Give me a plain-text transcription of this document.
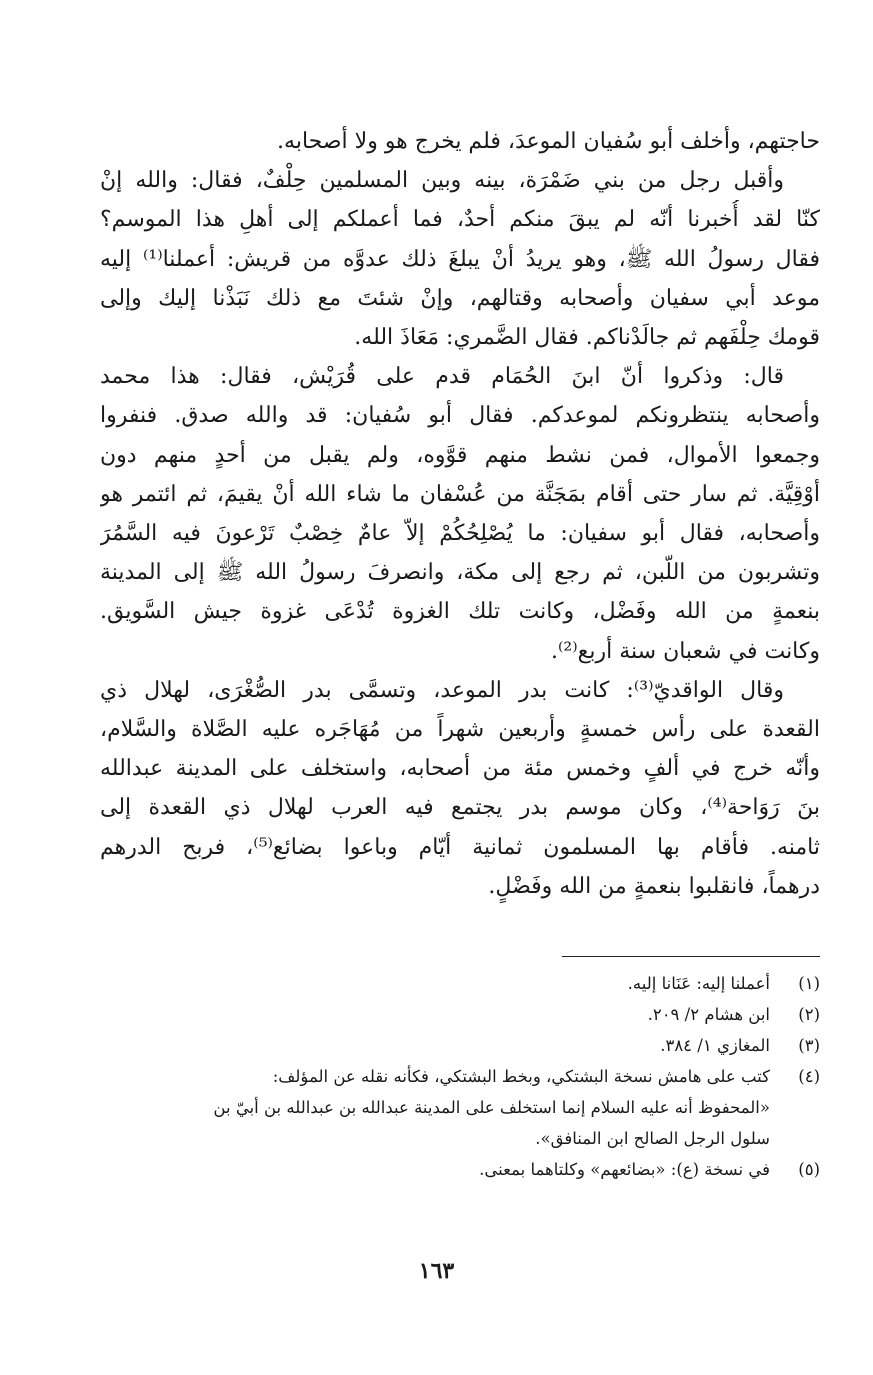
حاجتهم، وأخلف أبو سُفيان الموعدَ، فلم يخرج هو ولا أصحابه.

وأقبل رجل من بني ضَمْرَة، بينه وبين المسلمين حِلْفٌ، فقال: والله إنْ
كنّا لقد أُخبرنا أنّه لم يبقَ منكم أحدٌ، فما أعملكم إلى أهلِ هذا الموسم؟
فقال رسولُ الله ﷺ، وهو يريدُ أنْ يبلغَ ذلك عدوَّه من قريش: أعملنا⁽¹⁾ إليه
موعد أبي سفيان وأصحابه وقتالهم، وإنْ شئتَ مع ذلك نَبَذْنا إليك وإلى
قومك حِلْفَهم ثم جالَدْناكم. فقال الضَّمري: مَعَاذَ الله.

قال: وذكروا أنّ ابنَ الحُمَام قدم على قُرَيْش، فقال: هذا محمد
وأصحابه ينتظرونكم لموعدكم. فقال أبو سُفيان: قد والله صدق. فنفروا
وجمعوا الأموال، فمن نشط منهم قوَّوه، ولم يقبل من أحدٍ منهم دون
أوْقِيَّة. ثم سار حتى أقام بمَجَنَّة من عُسْفان ما شاء الله أنْ يقيمَ، ثم ائتمر هو
وأصحابه، فقال أبو سفيان: ما يُصْلِحُكُمْ إلاّ عامٌ خِصْبٌ تَرْعونَ فيه السَّمُرَ
وتشربون من اللّبن، ثم رجع إلى مكة، وانصرفَ رسولُ الله ﷺ إلى المدينة
بنعمةٍ من الله وفَضْل، وكانت تلك الغزوة تُدْعَى غزوة جيش السَّويق.
وكانت في شعبان سنة أربع⁽²⁾.

وقال الواقديّ⁽³⁾: كانت بدر الموعد، وتسمَّى بدر الصُّغْرَى، لهلال ذي
القعدة على رأس خمسةٍ وأربعين شهراً من مُهَاجَره عليه الصَّلاة والسَّلام،
وأنّه خرج في ألفٍ وخمس مئة من أصحابه، واستخلف على المدينة عبدالله
بنَ رَوَاحة⁽⁴⁾، وكان موسم بدر يجتمع فيه العرب لهلال ذي القعدة إلى
ثامنه. فأقام بها المسلمون ثمانية أيّام وباعوا بضائع⁽⁵⁾، فربح الدرهم
درهماً، فانقلبوا بنعمةٍ من الله وفَضْلٍ.

(١)
أعملنا إليه: عَنَانا إليه.
(٢)
ابن هشام ٢/ ٢٠٩.
(٣)
المغازي ١/ ٣٨٤.
(٤)
كتب على هامش نسخة البشتكي، وبخط البشتكي، فكأنه نقله عن المؤلف:
«المحفوظ أنه عليه السلام إنما استخلف على المدينة عبدالله بن عبدالله بن أبيّ بن
سلول الرجل الصالح ابن المنافق».
(٥)
في نسخة (ع): «بضائعهم» وكلتاهما بمعنى.
١٦٣
